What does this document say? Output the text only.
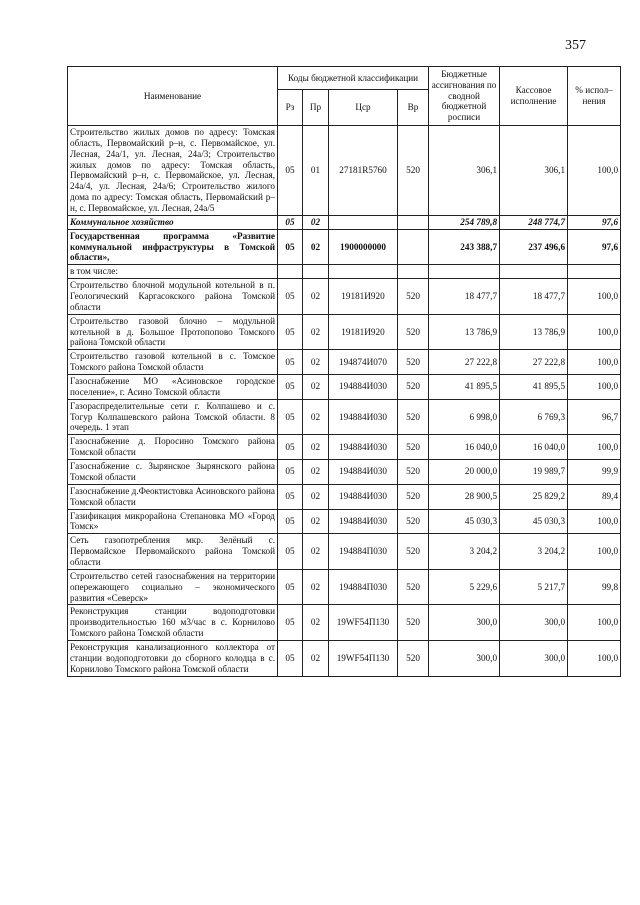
357
Наименование	Коды бюджетной классификации				Бюджетные ассигнования по сводной бюджетной росписи	Кассовое исполнение	% испол–нения
	Рз	Пр	Цср	Вр			
Строительство жилых домов по адресу: Томская область, Первомайский р–н, с. Первомайское, ул. Лесная, 24а/1, ул. Лесная, 24а/3; Строительство жилых домов по адресу: Томская область, Первомайский р–н, с. Первомайское, ул. Лесная, 24а/4, ул. Лесная, 24а/6; Строительство жилого дома по адресу: Томская область, Первомайский р–н, с. Первомайское, ул. Лесная, 24а/5	05	01	27181R5760	520	306,1	306,1	100,0
Коммунальное хозяйство	05	02			254 789,8	248 774,7	97,6
Государственная программа «Развитие коммунальной инфраструктуры в Томской области»,	05	02	1900000000		243 388,7	237 496,6	97,6
в том числе:							
Строительство блочной модульной котельной в п. Геологический Каргасокского района Томской области	05	02	19181И920	520	18 477,7	18 477,7	100,0
Строительство газовой блочно – модульной котельной в д. Большое Протопопово Томского района Томской области	05	02	19181И920	520	13 786,9	13 786,9	100,0
Строительство газовой котельной в с. Томское Томского района Томской области	05	02	194874И070	520	27 222,8	27 222,8	100,0
Газоснабжение МО «Асиновское городское поселение», г. Асино Томской области	05	02	194884И030	520	41 895,5	41 895,5	100,0
Газораспределительные сети г. Колпашево и с. Тогур Колпашевского района Томской области. 8 очередь. 1 этап	05	02	194884И030	520	6 998,0	6 769,3	96,7
Газоснабжение д. Поросино Томского района Томской области	05	02	194884И030	520	16 040,0	16 040,0	100,0
Газоснабжение с. Зырянское Зырянского района Томской области	05	02	194884И030	520	20 000,0	19 989,7	99,9
Газоснабжение д.Феоктистовка Асиновского района Томской области	05	02	194884И030	520	28 900,5	25 829,2	89,4
Газификация микрорайона Степановка МО «Город Томск»	05	02	194884И030	520	45 030,3	45 030,3	100,0
Сеть газопотребления мкр. Зелёный с. Первомайское Первомайского района Томской области	05	02	194884П030	520	3 204,2	3 204,2	100,0
Строительство сетей газоснабжения на территории опережающего социально – экономического развития «Северск»	05	02	194884П030	520	5 229,6	5 217,7	99,8
Реконструкция станции водоподготовки производительностью 160 м3/час в с. Корнилово Томского района Томской области	05	02	19WF54П130	520	300,0	300,0	100,0
Реконструкция канализационного коллектора от станции водоподготовки до сборного колодца в с. Корнилово Томского района Томской области	05	02	19WF54П130	520	300,0	300,0	100,0
